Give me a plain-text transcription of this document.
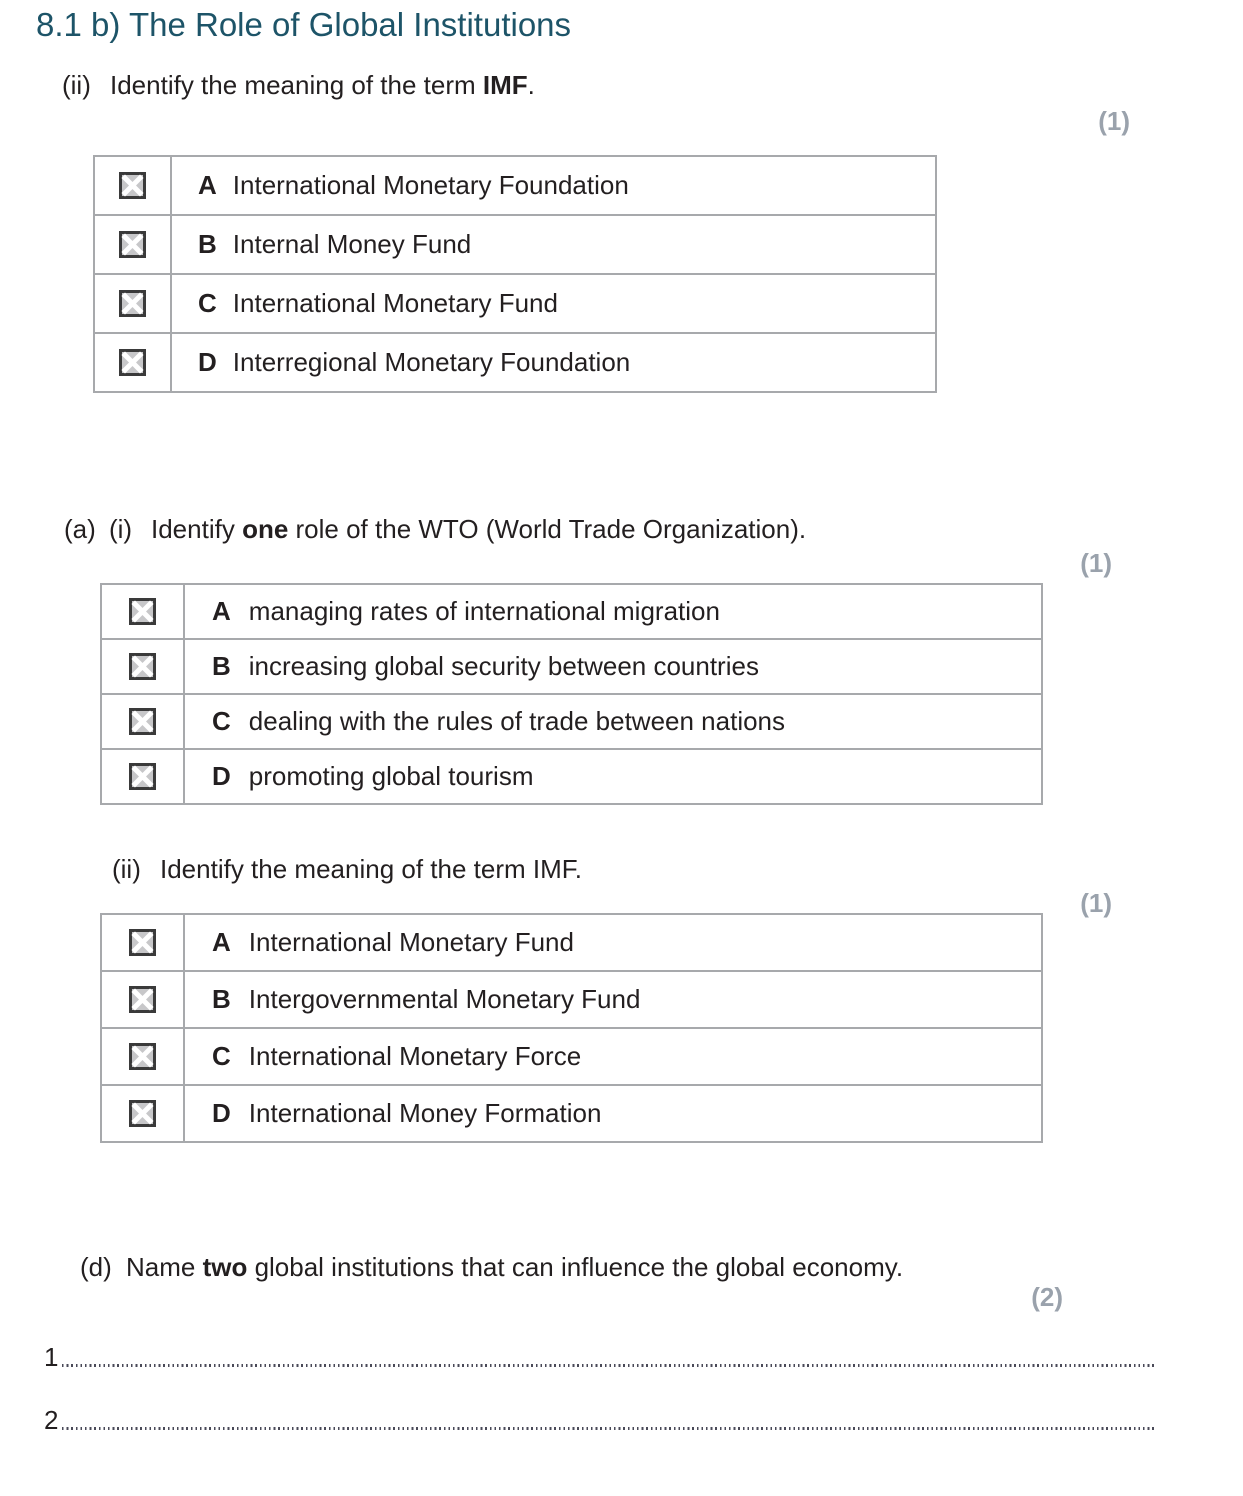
8.1 b) The Role of Global Institutions
(ii) Identify the meaning of the term IMF.
(1)
A International Monetary Foundation
B Internal Money Fund
C International Monetary Fund
D Interregional Monetary Foundation
(a) (i) Identify one role of the WTO (World Trade Organization).
(1)
A managing rates of international migration
B increasing global security between countries
C dealing with the rules of trade between nations
D promoting global tourism
(ii) Identify the meaning of the term IMF.
(1)
A International Monetary Fund
B Intergovernmental Monetary Fund
C International Monetary Force
D International Money Formation
(d) Name two global institutions that can influence the global economy.
(2)
1
2
